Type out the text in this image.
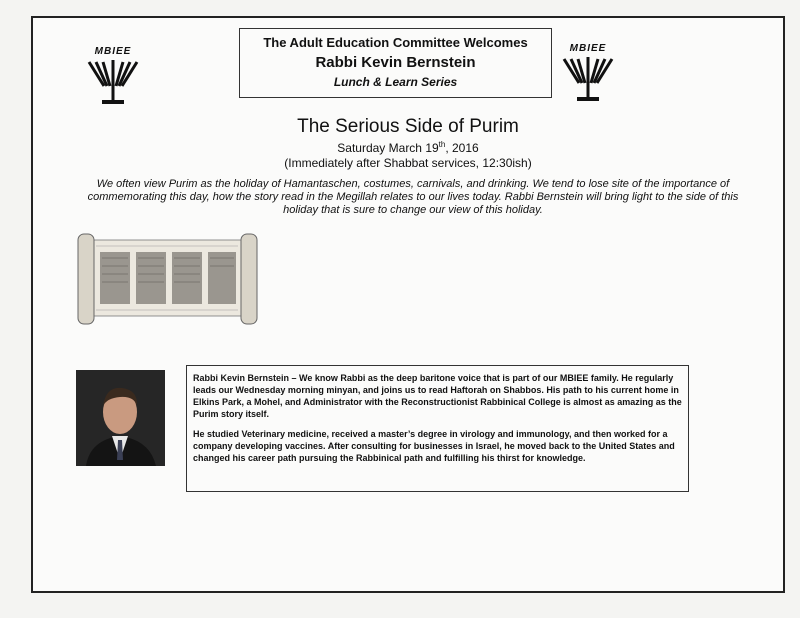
MBIEE
The Adult Education Committee Welcomes
Rabbi Kevin Bernstein
Lunch & Learn Series
MBIEE
The Serious Side of Purim
Saturday March 19th, 2016
(Immediately after Shabbat services, 12:30ish)
We often view Purim as the holiday of Hamantaschen, costumes, carnivals, and drinking. We tend to lose site of the importance of commemorating this day, how the story read in the Megillah relates to our lives today. Rabbi Bernstein will bring light to the side of this holiday that is sure to change our view of this holiday.

Rabbi Kevin Bernstein – We know Rabbi as the deep baritone voice that is part of our MBIEE family. He regularly leads our Wednesday morning minyan, and joins us to read Haftorah on Shabbos. His path to his current home in Elkins Park, a Mohel, and Administrator with the Reconstructionist Rabbinical College is almost as amazing as the Purim story itself.

He studied Veterinary medicine, received a master’s degree in virology and immunology, and then worked for a company developing vaccines. After consulting for businesses in Israel, he moved back to the United States and changed his career path pursuing the Rabbinical path and fulfilling his thirst for knowledge.
